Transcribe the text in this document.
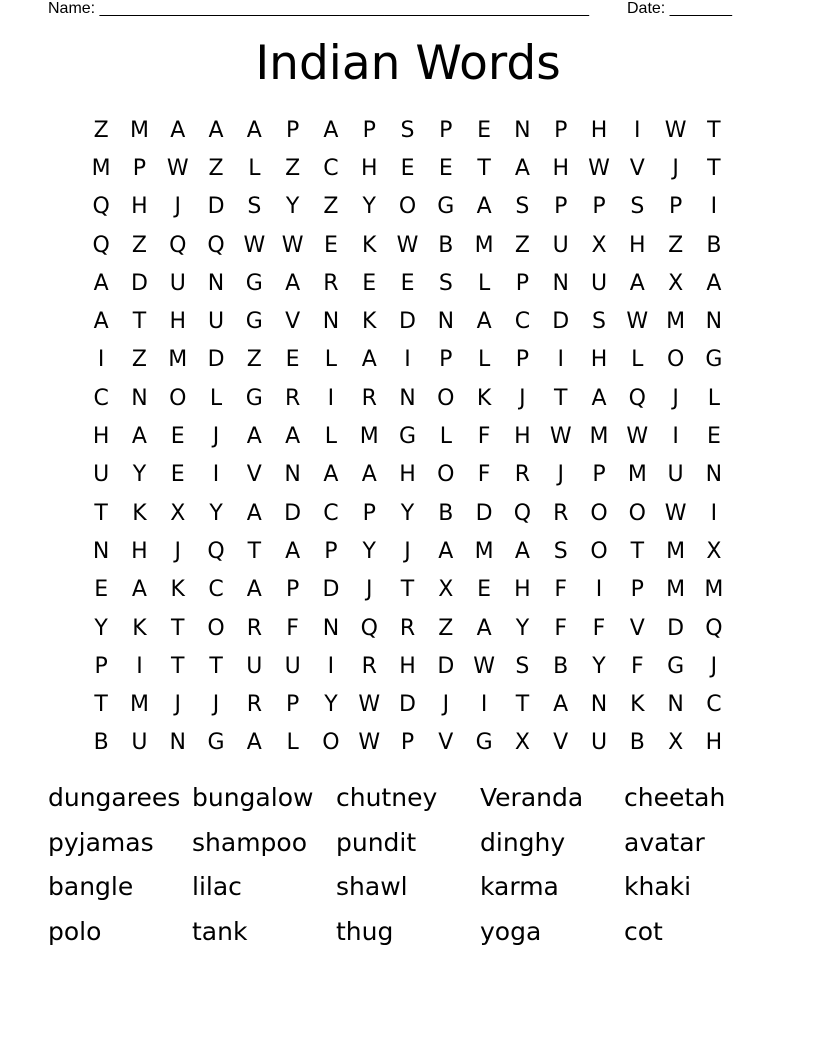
Name: _______________________________________________________ Date: _______
Indian Words
Z M A	A	A	P	A	P	S	P	E	N	P	H	I	W T
M	P W Z	L	Z	C	H	E	E	T	A	H W V	J	T
Q H	J	D	S	Y	Z	Y	O G	A	S	P	P	S	P	I
Q	Z	Q Q W W E	K W B M Z	U	X	H	Z	B
A	D U	N G	A	R	E	E	S	L	P	N	U	A	X	A
A	T	H U G	V	N	K	D N	A	C	D	S W M N
I	Z M D	Z	E	L	A	I	P	L	P	I	H	L	O G
C	N O	L	G	R	I	R	N O	K	J	T	A	Q	J	L
H	A	E	J	A	A	L	M G	L	F	H W M W	I	E
U	Y	E	I	V	N	A	A	H O	F	R	J	P	M U	N
T	K	X	Y	A	D	C	P	Y	B	D Q R O O W	I
N H	J	Q	T	A	P	Y	J	A M A	S	O	T	M X
E	A	K	C	A	P	D	J	T	X	E	H	F	I	P	M M
Y	K	T	O R	F	N Q R	Z	A	Y	F	F	V	D Q
P	I	T	T	U	U	I	R	H D W S	B	Y	F	G	J
T	M	J	J	R	P	Y W D	J	I	T	A	N	K	N	C
B	U	N G	A	L	O W P	V	G	X	V	U	B	X	H
dungarees bungalow chutney	Veranda	cheetah
pyjamas	shampoo	pundit	dinghy	avatar
bangle	lilac	shawl	karma	khaki
polo	tank	thug	yoga	cot
